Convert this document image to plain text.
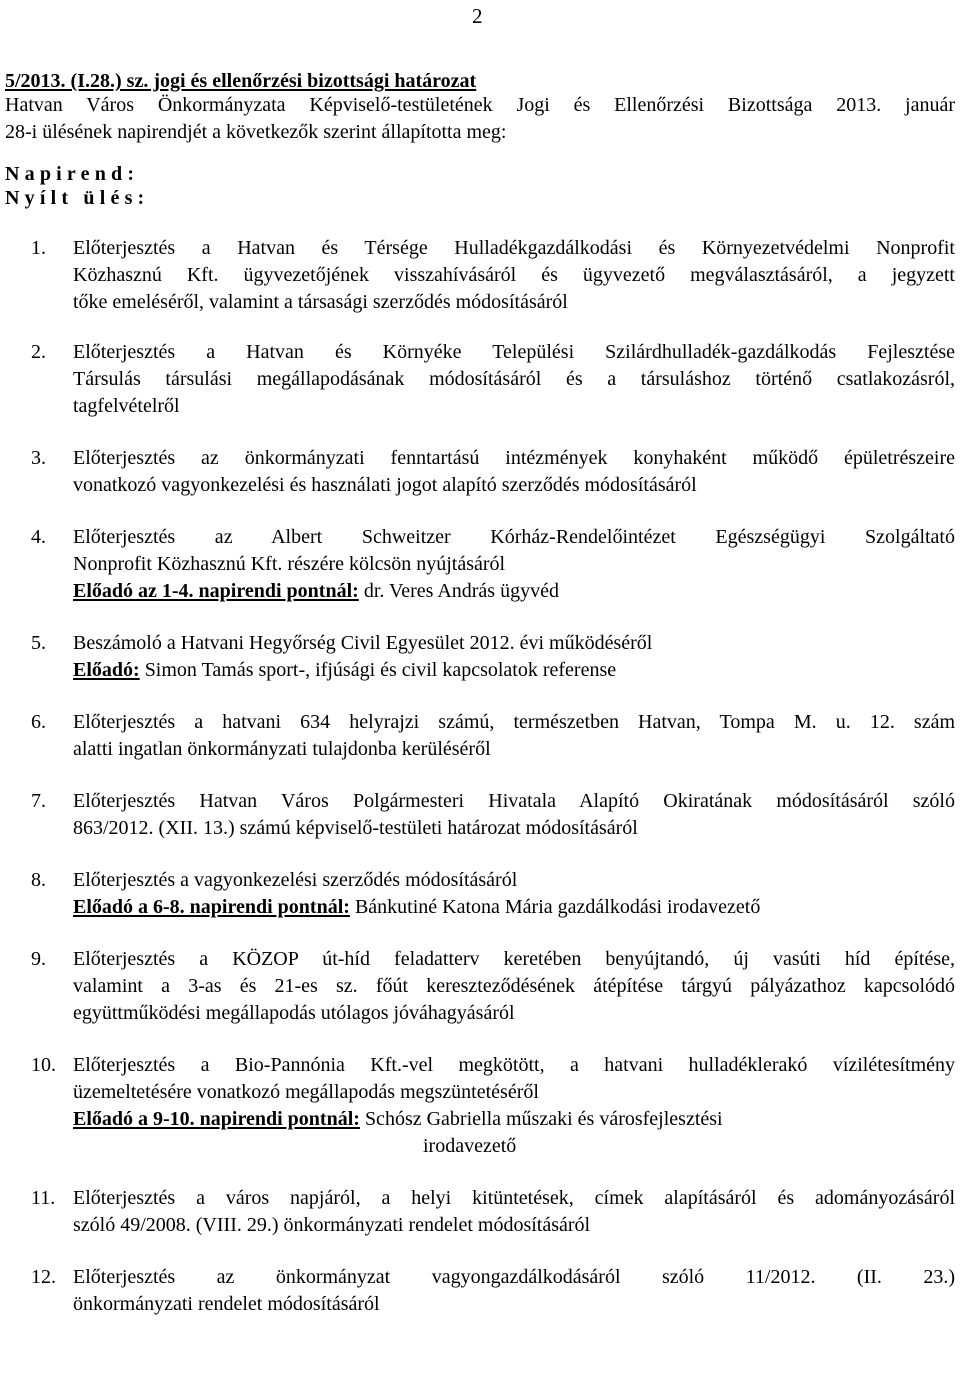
2
5/2013. (I.28.) sz. jogi és ellenőrzési bizottsági határozat
Hatvan Város Önkormányzata Képviselő-testületének Jogi és Ellenőrzési Bizottsága 2013. január
28-i ülésének napirendjét a következők szerint állapította meg:
Napirend:
Nyílt ülés:
1. Előterjesztés a Hatvan és Térsége Hulladékgazdálkodási és Környezetvédelmi Nonprofit
Közhasznú Kft. ügyvezetőjének visszahívásáról és ügyvezető megválasztásáról, a jegyzett
tőke emeléséről, valamint a társasági szerződés módosításáról
2. Előterjesztés a Hatvan és Környéke Települési Szilárdhulladék-gazdálkodás Fejlesztése
Társulás társulási megállapodásának módosításáról és a társuláshoz történő csatlakozásról,
tagfelvételről
3. Előterjesztés az önkormányzati fenntartású intézmények konyhaként működő épületrészeire
vonatkozó vagyonkezelési és használati jogot alapító szerződés módosításáról
4. Előterjesztés az Albert Schweitzer Kórház-Rendelőintézet Egészségügyi Szolgáltató
Nonprofit Közhasznú Kft. részére kölcsön nyújtásáról
Előadó az 1-4. napirendi pontnál: dr. Veres András ügyvéd
5. Beszámoló a Hatvani Hegyőrség Civil Egyesület 2012. évi működéséről
Előadó: Simon Tamás sport-, ifjúsági és civil kapcsolatok referense
6. Előterjesztés a hatvani 634 helyrajzi számú, természetben Hatvan, Tompa M. u. 12. szám
alatti ingatlan önkormányzati tulajdonba kerüléséről
7. Előterjesztés Hatvan Város Polgármesteri Hivatala Alapító Okiratának módosításáról szóló
863/2012. (XII. 13.) számú képviselő-testületi határozat módosításáról
8. Előterjesztés a vagyonkezelési szerződés módosításáról
Előadó a 6-8. napirendi pontnál: Bánkutiné Katona Mária gazdálkodási irodavezető
9. Előterjesztés a KÖZOP út-híd feladatterv keretében benyújtandó, új vasúti híd építése,
valamint a 3-as és 21-es sz. főút kereszteződésének átépítése tárgyú pályázathoz kapcsolódó
együttműködési megállapodás utólagos jóváhagyásáról
10. Előterjesztés a Bio-Pannónia Kft.-vel megkötött, a hatvani hulladéklerakó vízilétesítmény
üzemeltetésére vonatkozó megállapodás megszüntetéséről
Előadó a 9-10. napirendi pontnál: Schósz Gabriella műszaki és városfejlesztési
irodavezető
11. Előterjesztés a város napjáról, a helyi kitüntetések, címek alapításáról és adományozásáról
szóló 49/2008. (VIII. 29.) önkormányzati rendelet módosításáról
12. Előterjesztés az önkormányzat vagyongazdálkodásáról szóló 11/2012. (II. 23.)
önkormányzati rendelet módosításáról
